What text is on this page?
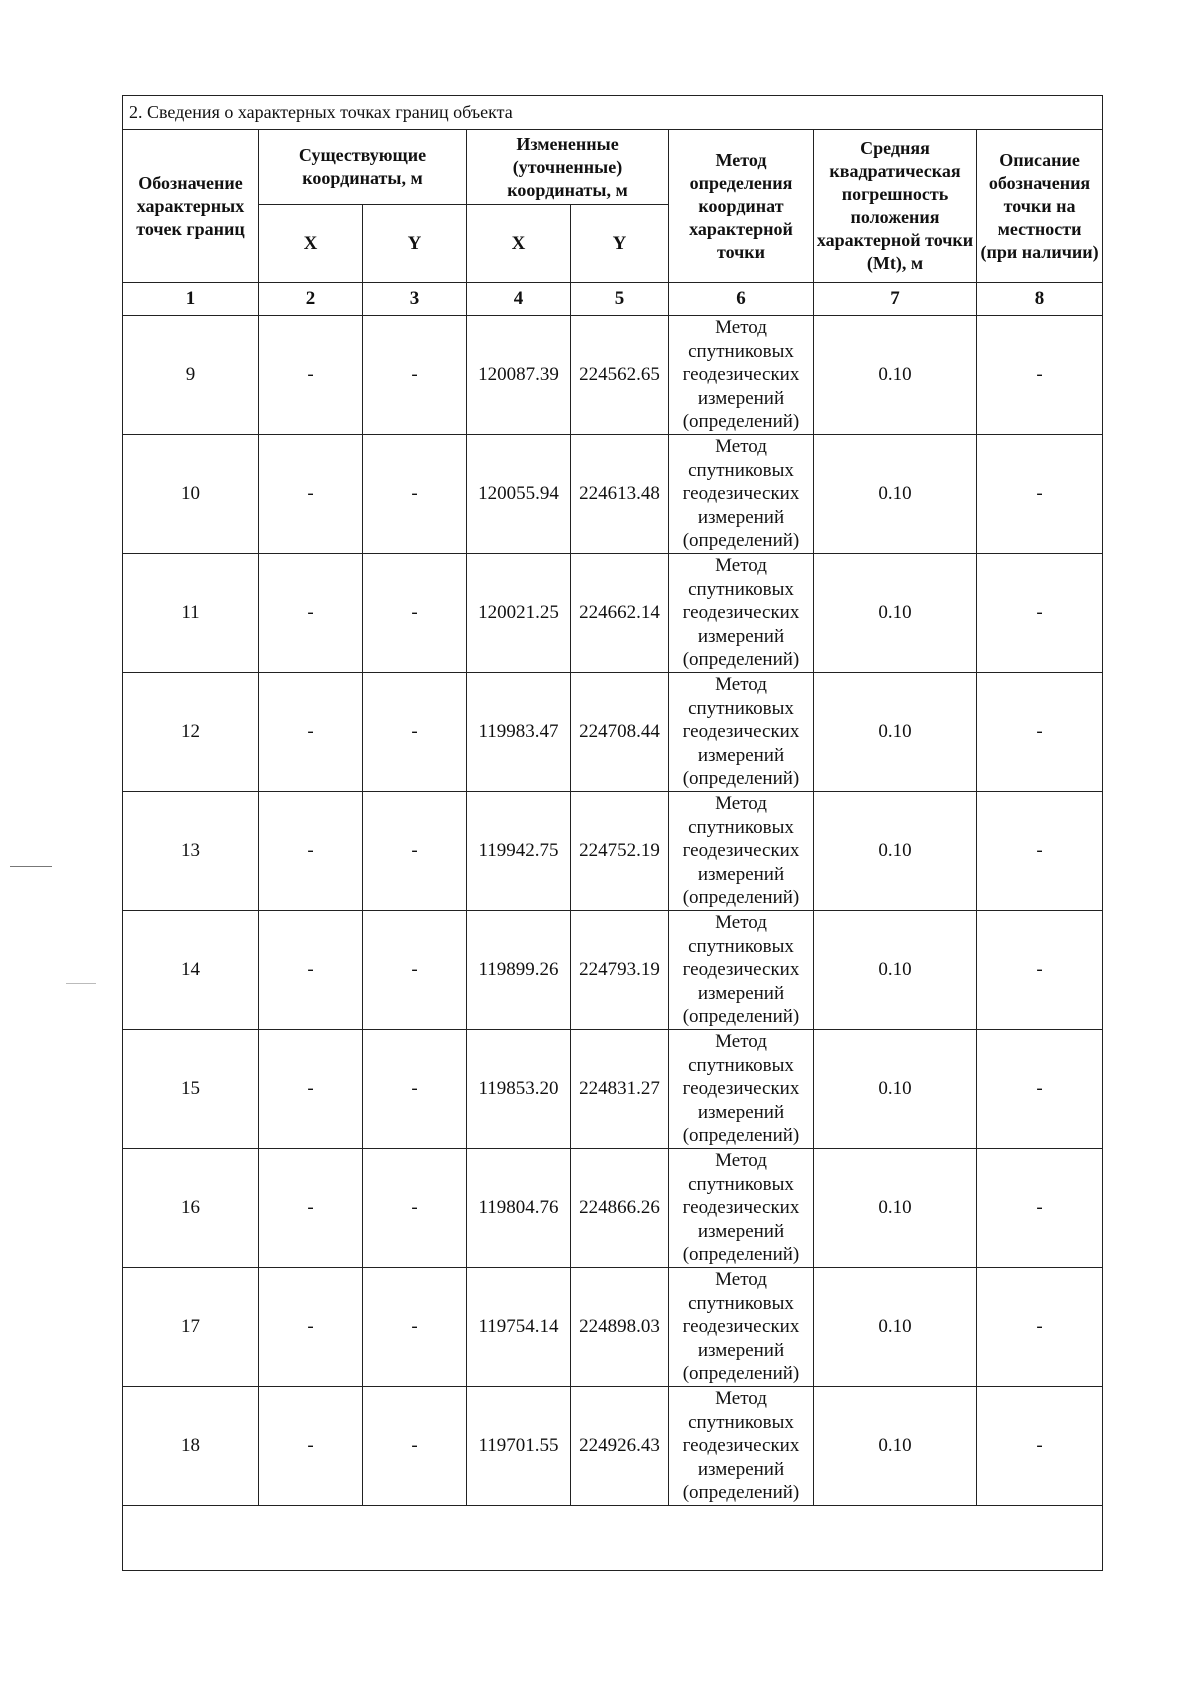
2. Сведения о характерных точках границ объекта							
Обозначение характерных точек границ	Существующие координаты, м		Измененные (уточненные) координаты, м		Метод определения координат характерной точки	Средняя квадратическая погрешность положения характерной точки (Mt), м	Описание обозначения точки на местности (при наличии)
	X	Y	X	Y			
1	2	3	4	5	6	7	8
9	-	-	120087.39	224562.65	Метод
спутниковых
геодезических
измерений
(определений)	0.10	-
10	-	-	120055.94	224613.48	Метод
спутниковых
геодезических
измерений
(определений)	0.10	-
11	-	-	120021.25	224662.14	Метод
спутниковых
геодезических
измерений
(определений)	0.10	-
12	-	-	119983.47	224708.44	Метод
спутниковых
геодезических
измерений
(определений)	0.10	-
13	-	-	119942.75	224752.19	Метод
спутниковых
геодезических
измерений
(определений)	0.10	-
14	-	-	119899.26	224793.19	Метод
спутниковых
геодезических
измерений
(определений)	0.10	-
15	-	-	119853.20	224831.27	Метод
спутниковых
геодезических
измерений
(определений)	0.10	-
16	-	-	119804.76	224866.26	Метод
спутниковых
геодезических
измерений
(определений)	0.10	-
17	-	-	119754.14	224898.03	Метод
спутниковых
геодезических
измерений
(определений)	0.10	-
18	-	-	119701.55	224926.43	Метод
спутниковых
геодезических
измерений
(определений)	0.10	-
